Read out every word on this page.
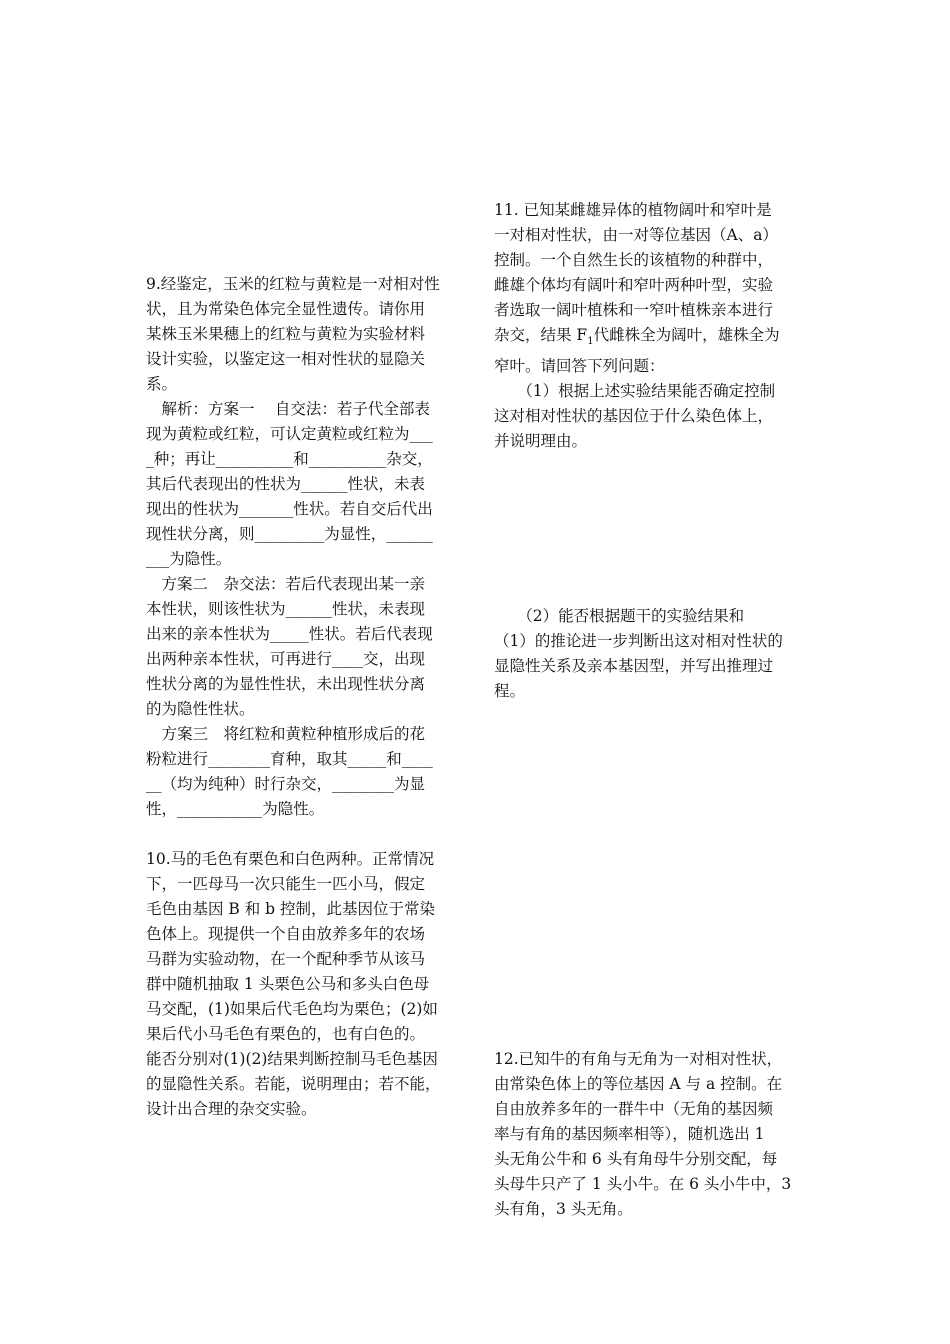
9.经鉴定，玉米的红粒与黄粒是一对相对性

状，且为常染色体完全显性遗传。请你用

某株玉米果穗上的红粒与黄粒为实验材料

设计实验，以鉴定这一相对性状的显隐关

系。

　解析：方案一　 自交法：若子代全部表

现为黄粒或红粒，可认定黄粒或红粒为___

_种；再让__________和__________杂交，

其后代表现出的性状为______性状，未表

现出的性状为_______性状。若自交后代出

现性状分离，则_________为显性，______

___为隐性。

　方案二　杂交法：若后代表现出某一亲

本性状，则该性状为______性状，未表现

出来的亲本性状为_____性状。若后代表现

出两种亲本性状，可再进行____交，出现

性状分离的为显性性状，未出现性状分离

的为隐性性状。

　方案三　将红粒和黄粒种植形成后的花

粉粒进行________育种，取其_____和____

__（均为纯种）时行杂交，________为显

性，___________为隐性。

10.马的毛色有栗色和白色两种。正常情况

下，一匹母马一次只能生一匹小马，假定

毛色由基因 B 和 b 控制，此基因位于常染

色体上。现提供一个自由放养多年的农场

马群为实验动物，在一个配种季节从该马

群中随机抽取 1 头栗色公马和多头白色母

马交配，(1)如果后代毛色均为栗色；(2)如

果后代小马毛色有栗色的，也有白色的。

能否分别对(1)(2)结果判断控制马毛色基因

的显隐性关系。若能，说明理由；若不能，

设计出合理的杂交实验。

11. 已知某雌雄异体的植物阔叶和窄叶是

一对相对性状，由一对等位基因（A、a）

控制。一个自然生长的该植物的种群中，

雌雄个体均有阔叶和窄叶两种叶型，实验

者选取一阔叶植株和一窄叶植株亲本进行

杂交，结果 $F_1$代雌株全为阔叶，雄株全为

窄叶。请回答下列问题：

　　（1）根据上述实验结果能否确定控制

这对相对性状的基因位于什么染色体上，

并说明理由。

　　（2）能否根据题干的实验结果和

（1）的推论进一步判断出这对相对性状的

显隐性关系及亲本基因型，并写出推理过

程。

12.已知牛的有角与无角为一对相对性状，

由常染色体上的等位基因 A 与 a 控制。在

自由放养多年的一群牛中（无角的基因频

率与有角的基因频率相等），随机选出 1

头无角公牛和 6 头有角母牛分别交配，每

头母牛只产了 1 头小牛。在 6 头小牛中，3

头有角，3 头无角。
